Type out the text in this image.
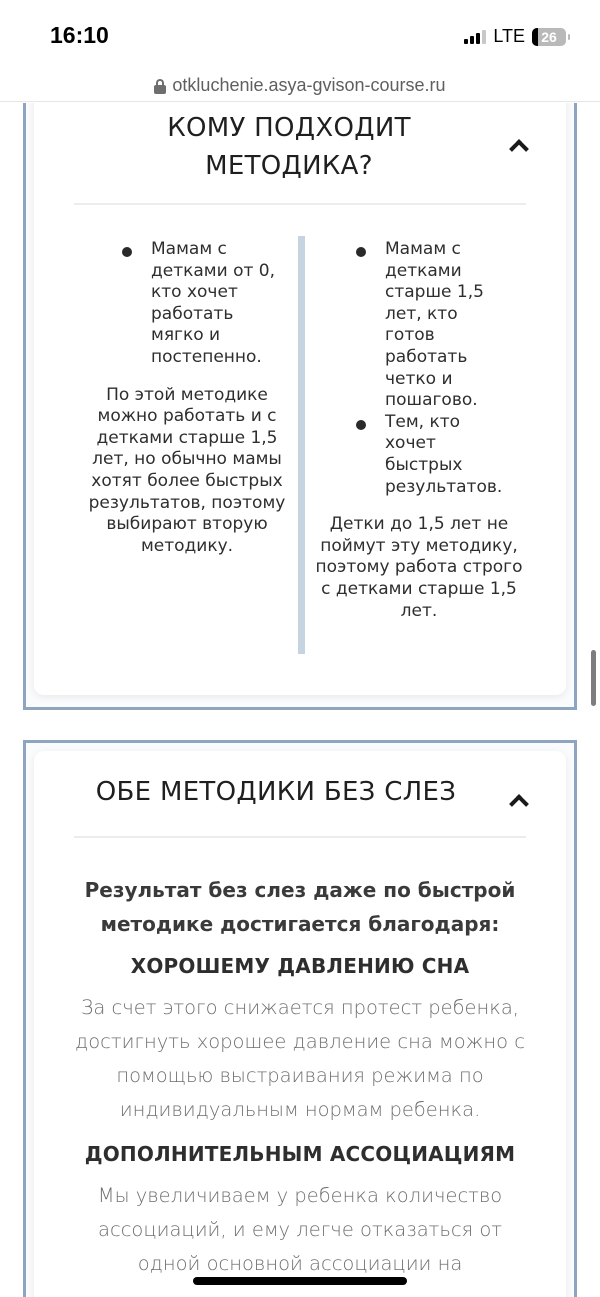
16:10	LTE	26
otkluchenie.asya-gvison-course.ru
КОМУ ПОДХОДИТ МЕТОДИКА?
Мамам с детками от 0, кто хочет работать мягко и постепенно.

По этой методике можно работать и с детками старше 1,5 лет, но обычно мамы хотят более быстрых результатов, поэтому выбирают вторую методику.

Мамам с детками старше 1,5 лет, кто готов работать четко и пошагово.
Тем, кто хочет быстрых результатов.

Детки до 1,5 лет не поймут эту методику, поэтому работа строго с детками старше 1,5 лет.

ОБЕ МЕТОДИКИ БЕЗ СЛЕЗ

Результат без слез даже по быстрой методике достигается благодаря:

ХОРОШЕМУ ДАВЛЕНИЮ СНА

За счет этого снижается протест ребенка, достигнуть хорошее давление сна можно с помощью выстраивания режима по индивидуальным нормам ребенка.

ДОПОЛНИТЕЛЬНЫМ АССОЦИАЦИЯМ

Мы увеличиваем у ребенка количество ассоциаций, и ему легче отказаться от одной основной ассоциации на
